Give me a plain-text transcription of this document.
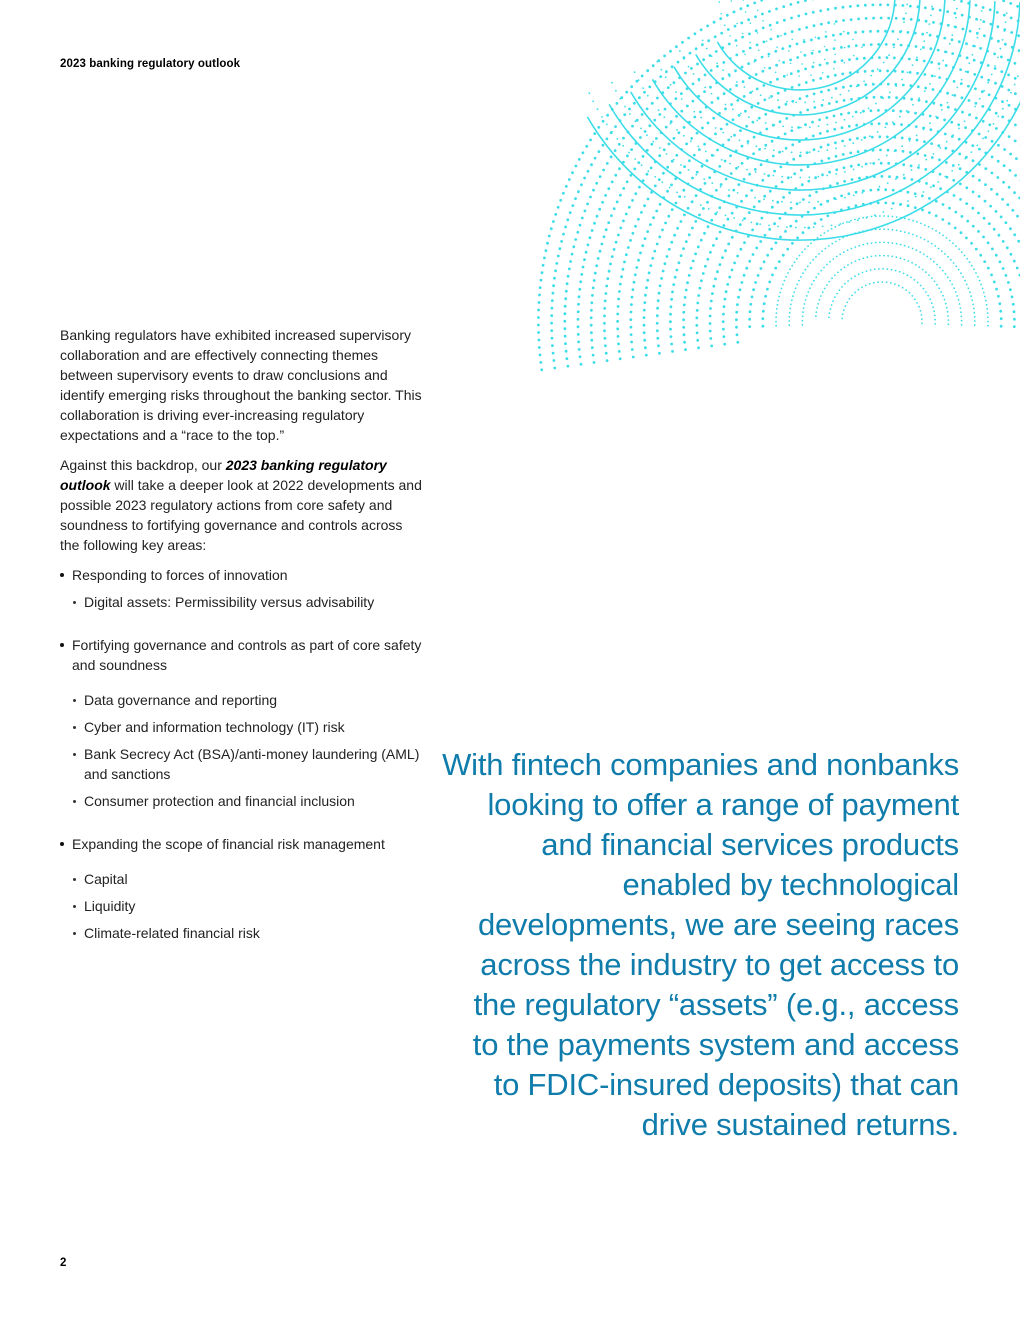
2023 banking regulatory outlook

Banking regulators have exhibited increased supervisory collaboration and are effectively connecting themes between supervisory events to draw conclusions and identify emerging risks throughout the banking sector. This collaboration is driving ever-increasing regulatory expectations and a “race to the top.”

Against this backdrop, our 2023 banking regulatory outlook will take a deeper look at 2022 developments and possible 2023 regulatory actions from core safety and soundness to fortifying governance and controls across the following key areas:

Responding to forces of innovation
Digital assets: Permissibility versus advisability
Fortifying governance and controls as part of core safety and soundness
Data governance and reporting
Cyber and information technology (IT) risk
Bank Secrecy Act (BSA)/anti-money laundering (AML) and sanctions
Consumer protection and financial inclusion
Expanding the scope of financial risk management
Capital
Liquidity
Climate-related financial risk
With fintech companies and nonbanks looking to offer a range of payment and financial services products enabled by technological developments, we are seeing races across the industry to get access to the regulatory “assets” (e.g., access to the payments system and access to FDIC-insured deposits) that can drive sustained returns.
2
